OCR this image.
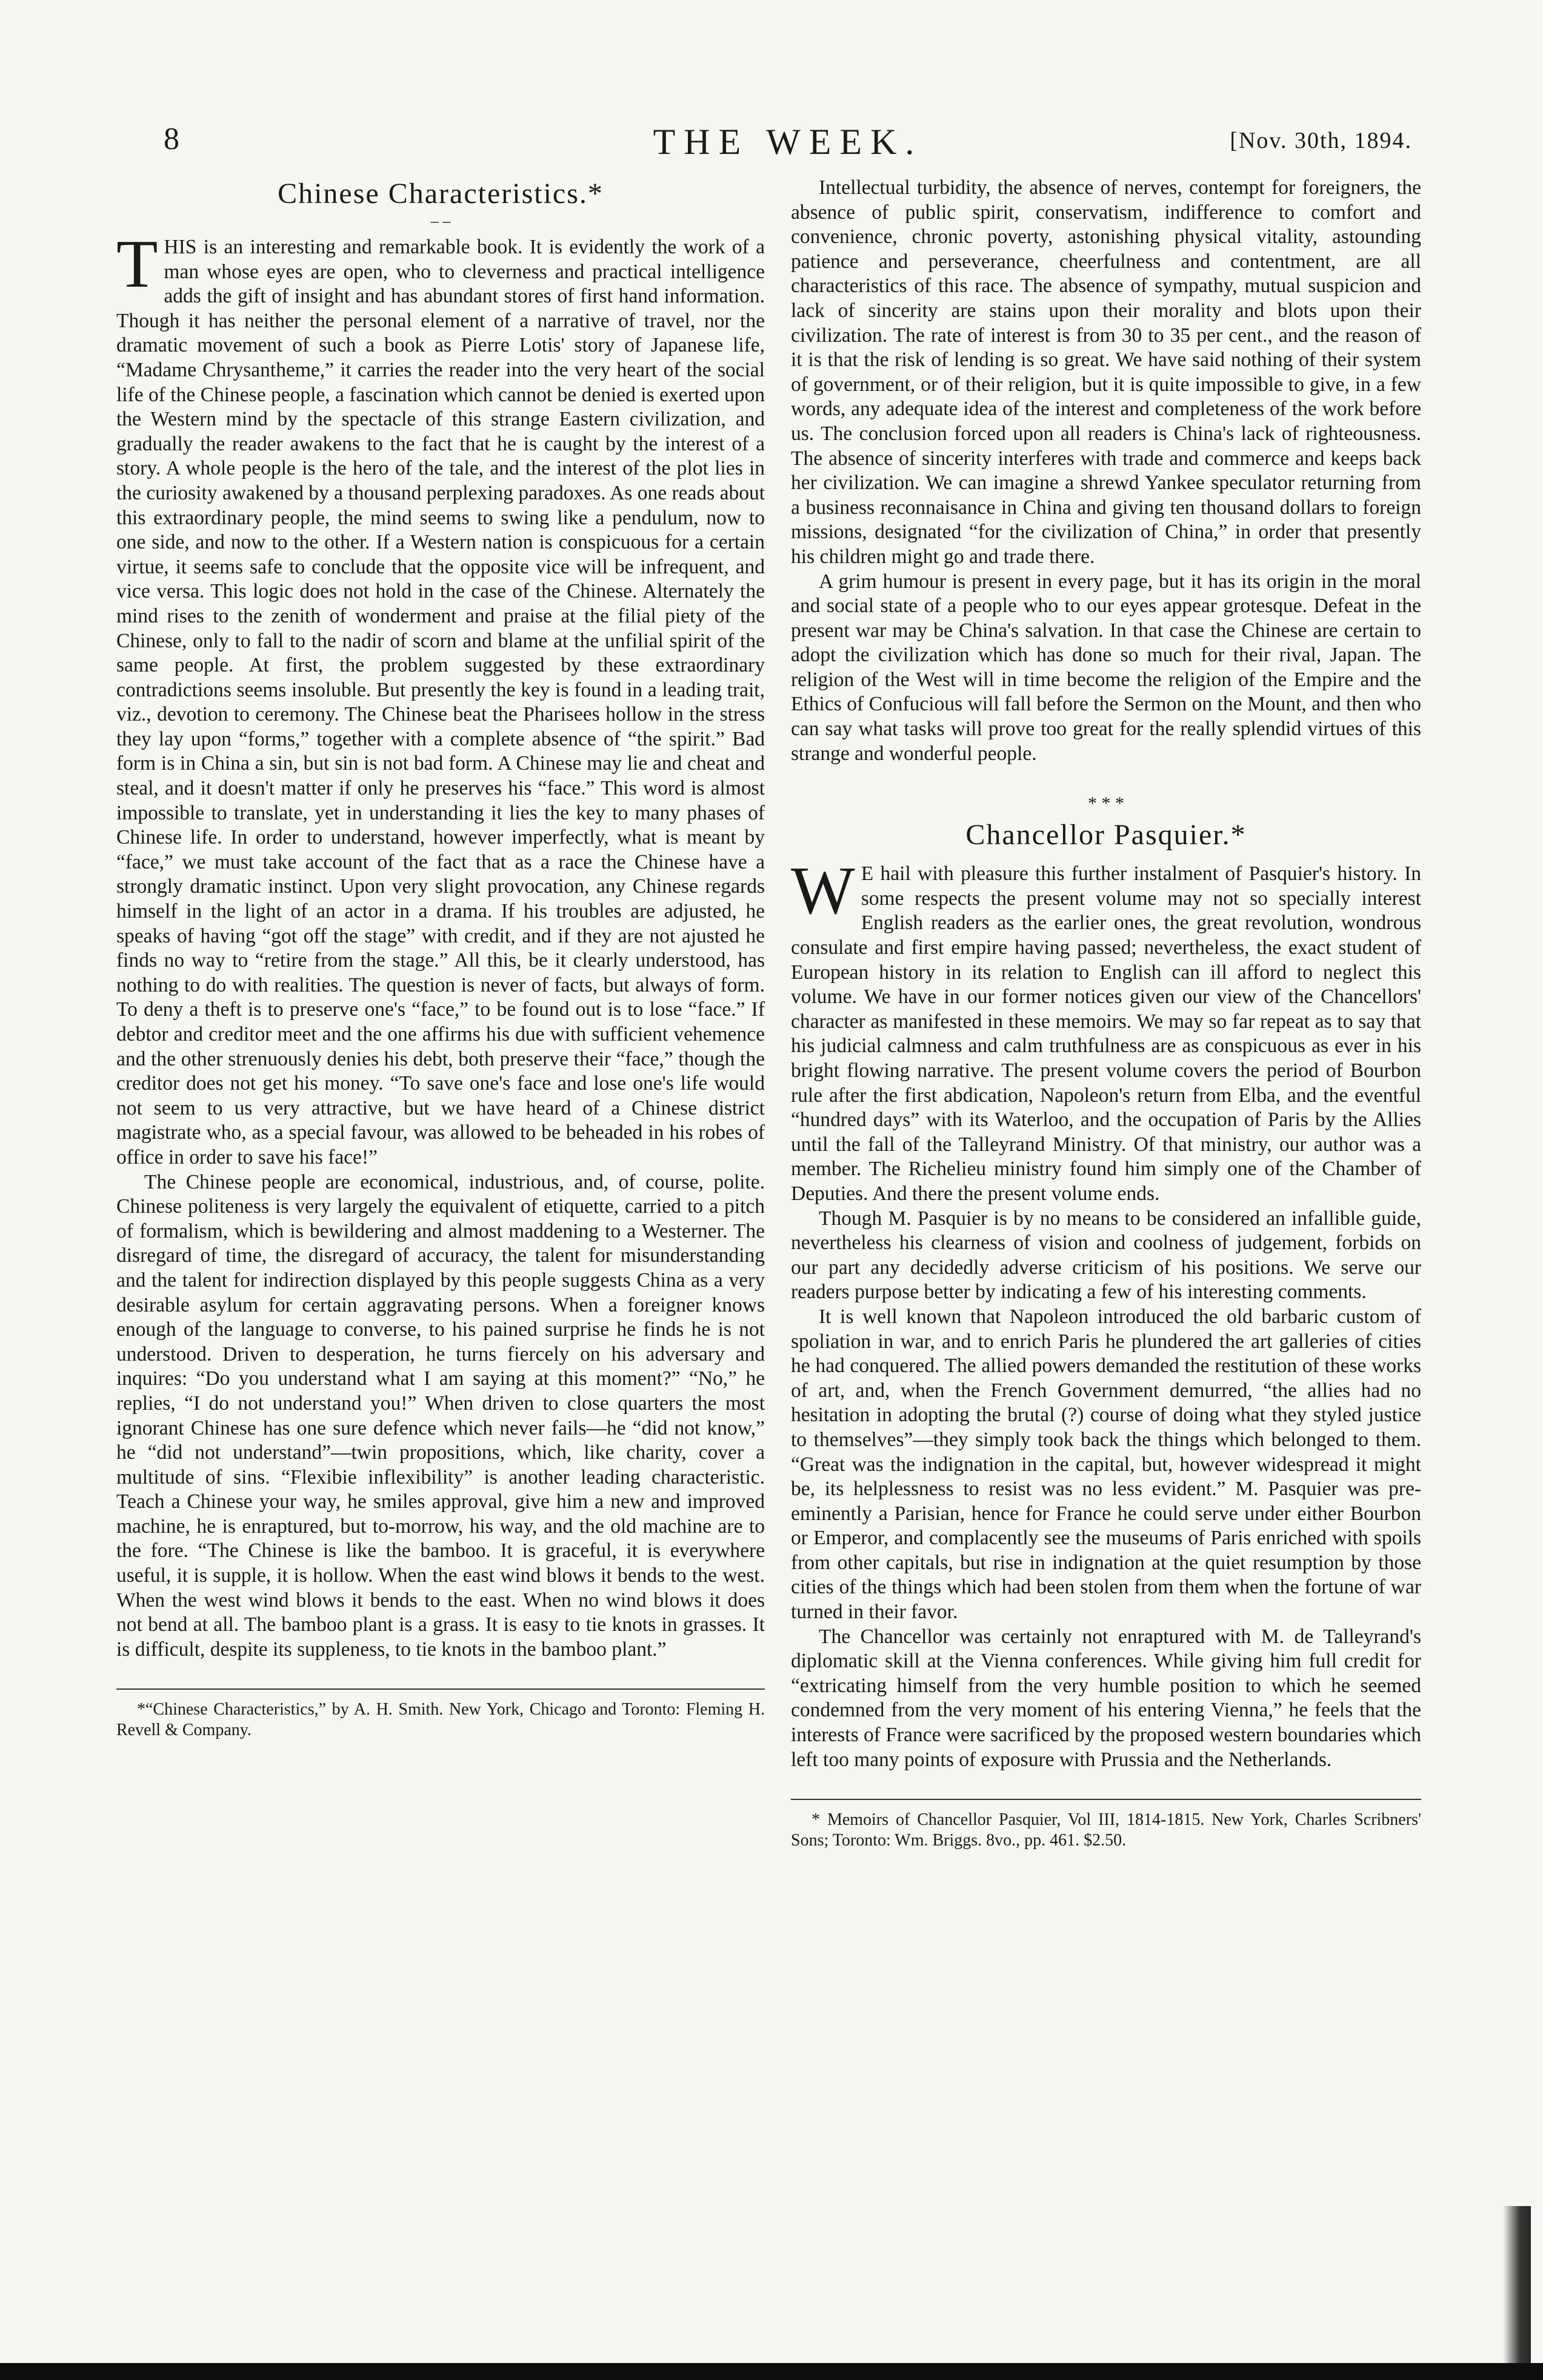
8	THE WEEK.	[Nov. 30th, 1894.
Chinese Characteristics.*
– –

THIS is an interesting and remarkable book. It is evidently the work of a man whose eyes are open, who to cleverness and practical intelligence adds the gift of insight and has abundant stores of first hand information. Though it has neither the personal element of a narrative of travel, nor the dramatic movement of such a book as Pierre Lotis' story of Japanese life, “Madame Chrysantheme,” it carries the reader into the very heart of the social life of the Chinese people, a fascination which cannot be denied is exerted upon the Western mind by the spectacle of this strange Eastern civilization, and gradually the reader awakens to the fact that he is caught by the interest of a story. A whole people is the hero of the tale, and the interest of the plot lies in the curiosity awakened by a thousand perplexing paradoxes. As one reads about this extraordinary people, the mind seems to swing like a pendulum, now to one side, and now to the other. If a Western nation is conspicuous for a certain virtue, it seems safe to conclude that the opposite vice will be infrequent, and vice versa. This logic does not hold in the case of the Chinese. Alternately the mind rises to the zenith of wonderment and praise at the filial piety of the Chinese, only to fall to the nadir of scorn and blame at the unfilial spirit of the same people. At first, the problem suggested by these extraordinary contradictions seems insoluble. But presently the key is found in a leading trait, viz., devotion to ceremony. The Chinese beat the Pharisees hollow in the stress they lay upon “forms,” together with a complete absence of “the spirit.” Bad form is in China a sin, but sin is not bad form. A Chinese may lie and cheat and steal, and it doesn't matter if only he preserves his “face.” This word is almost impossible to translate, yet in understanding it lies the key to many phases of Chinese life. In order to understand, however imperfectly, what is meant by “face,” we must take account of the fact that as a race the Chinese have a strongly dramatic instinct. Upon very slight provocation, any Chinese regards himself in the light of an actor in a drama. If his troubles are adjusted, he speaks of having “got off the stage” with credit, and if they are not ajusted he finds no way to “retire from the stage.” All this, be it clearly understood, has nothing to do with realities. The question is never of facts, but always of form. To deny a theft is to preserve one's “face,” to be found out is to lose “face.” If debtor and creditor meet and the one affirms his due with sufficient vehemence and the other strenuously denies his debt, both preserve their “face,” though the creditor does not get his money. “To save one's face and lose one's life would not seem to us very attractive, but we have heard of a Chinese district magistrate who, as a special favour, was allowed to be beheaded in his robes of office in order to save his face!”

The Chinese people are economical, industrious, and, of course, polite. Chinese politeness is very largely the equivalent of etiquette, carried to a pitch of formalism, which is bewildering and almost maddening to a Westerner. The disregard of time, the disregard of accuracy, the talent for misunderstanding and the talent for indirection displayed by this people suggests China as a very desirable asylum for certain aggravating persons. When a foreigner knows enough of the language to converse, to his pained surprise he finds he is not understood. Driven to desperation, he turns fiercely on his adversary and inquires: “Do you understand what I am saying at this moment?” “No,” he replies, “I do not understand you!” When driven to close quarters the most ignorant Chinese has one sure defence which never fails—he “did not know,” he “did not understand”—twin propositions, which, like charity, cover a multitude of sins. “Flexibie inflexibility” is another leading characteristic. Teach a Chinese your way, he smiles approval, give him a new and improved machine, he is enraptured, but to-morrow, his way, and the old machine are to the fore. “The Chinese is like the bamboo. It is graceful, it is everywhere useful, it is supple, it is hollow. When the east wind blows it bends to the west. When the west wind blows it bends to the east. When no wind blows it does not bend at all. The bamboo plant is a grass. It is easy to tie knots in grasses. It is difficult, despite its suppleness, to tie knots in the bamboo plant.”

*“Chinese Characteristics,” by A. H. Smith. New York, Chicago and Toronto: Fleming H. Revell & Company.

Intellectual turbidity, the absence of nerves, contempt for foreigners, the absence of public spirit, conservatism, indifference to comfort and convenience, chronic poverty, astonishing physical vitality, astounding patience and perseverance, cheerfulness and contentment, are all characteristics of this race. The absence of sympathy, mutual suspicion and lack of sincerity are stains upon their morality and blots upon their civilization. The rate of interest is from 30 to 35 per cent., and the reason of it is that the risk of lending is so great. We have said nothing of their system of government, or of their religion, but it is quite impossible to give, in a few words, any adequate idea of the interest and completeness of the work before us. The conclusion forced upon all readers is China's lack of righteousness. The absence of sincerity interferes with trade and commerce and keeps back her civilization. We can imagine a shrewd Yankee speculator returning from a business reconnaisance in China and giving ten thousand dollars to foreign missions, designated “for the civilization of China,” in order that presently his children might go and trade there.

A grim humour is present in every page, but it has its origin in the moral and social state of a people who to our eyes appear grotesque. Defeat in the present war may be China's salvation. In that case the Chinese are certain to adopt the civilization which has done so much for their rival, Japan. The religion of the West will in time become the religion of the Empire and the Ethics of Confucious will fall before the Sermon on the Mount, and then who can say what tasks will prove too great for the really splendid virtues of this strange and wonderful people.

* * *
Chancellor Pasquier.*

W E hail with pleasure this further instalment of Pasquier's history. In some respects the present volume may not so specially interest English readers as the earlier ones, the great revolution, wondrous consulate and first empire having passed; nevertheless, the exact student of European history in its relation to English can ill afford to neglect this volume. We have in our former notices given our view of the Chancellors' character as manifested in these memoirs. We may so far repeat as to say that his judicial calmness and calm truthfulness are as conspicuous as ever in his bright flowing narrative. The present volume covers the period of Bourbon rule after the first abdication, Napoleon's return from Elba, and the eventful “hundred days” with its Waterloo, and the occupation of Paris by the Allies until the fall of the Talleyrand Ministry. Of that ministry, our author was a member. The Richelieu ministry found him simply one of the Chamber of Deputies. And there the present volume ends.

Though M. Pasquier is by no means to be considered an infallible guide, nevertheless his clearness of vision and coolness of judgement, forbids on our part any decidedly adverse criticism of his positions. We serve our readers purpose better by indicating a few of his interesting comments.

It is well known that Napoleon introduced the old barbaric custom of spoliation in war, and to enrich Paris he plundered the art galleries of cities he had conquered. The allied powers demanded the restitution of these works of art, and, when the French Government demurred, “the allies had no hesitation in adopting the brutal (?) course of doing what they styled justice to themselves”—they simply took back the things which belonged to them. “Great was the indignation in the capital, but, however widespread it might be, its helplessness to resist was no less evident.” M. Pasquier was pre-eminently a Parisian, hence for France he could serve under either Bourbon or Emperor, and complacently see the museums of Paris enriched with spoils from other capitals, but rise in indignation at the quiet resumption by those cities of the things which had been stolen from them when the fortune of war turned in their favor.

The Chancellor was certainly not enraptured with M. de Talleyrand's diplomatic skill at the Vienna conferences. While giving him full credit for “extricating himself from the very humble position to which he seemed condemned from the very moment of his entering Vienna,” he feels that the interests of France were sacrificed by the proposed western boundaries which left too many points of exposure with Prussia and the Netherlands.

* Memoirs of Chancellor Pasquier, Vol III, 1814-1815. New York, Charles Scribners' Sons; Toronto: Wm. Briggs. 8vo., pp. 461. $2.50.
